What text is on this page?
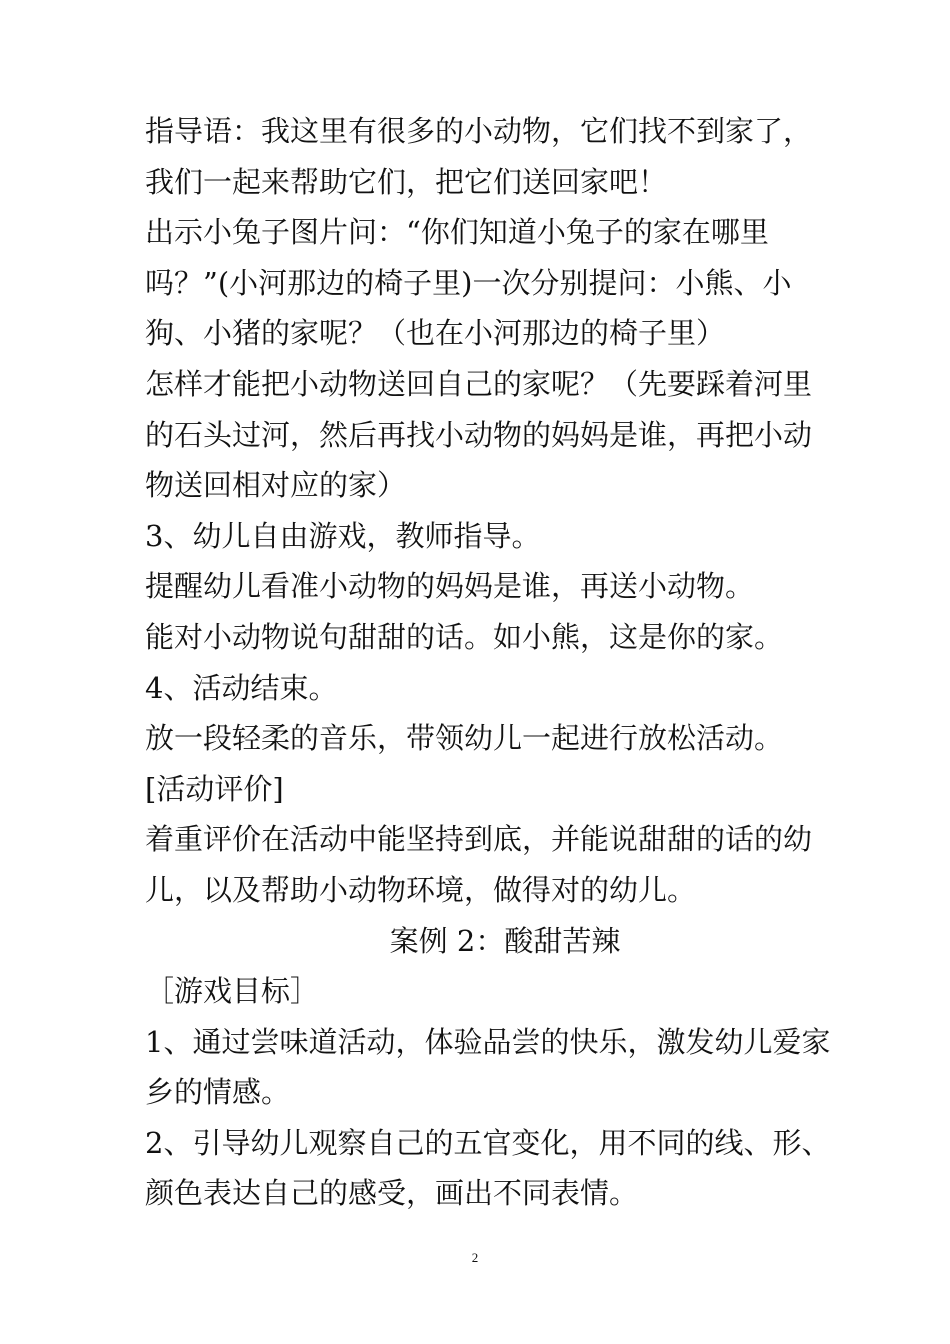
指导语：我这里有很多的小动物，它们找不到家了，
我们一起来帮助它们，把它们送回家吧！
出示小兔子图片问：“你们知道小兔子的家在哪里
吗？”(小河那边的椅子里)一次分别提问：小熊、小
狗、小猪的家呢？（也在小河那边的椅子里）
怎样才能把小动物送回自己的家呢？（先要踩着河里
的石头过河，然后再找小动物的妈妈是谁，再把小动
物送回相对应的家）
3、幼儿自由游戏，教师指导。
提醒幼儿看准小动物的妈妈是谁，再送小动物。
能对小动物说句甜甜的话。如小熊，这是你的家。
4、活动结束。
放一段轻柔的音乐，带领幼儿一起进行放松活动。
[活动评价]
着重评价在活动中能坚持到底，并能说甜甜的话的幼
儿，以及帮助小动物环境，做得对的幼儿。
案例 2：酸甜苦辣
［游戏目标］
1、通过尝味道活动，体验品尝的快乐，激发幼儿爱家
乡的情感。
2、引导幼儿观察自己的五官变化，用不同的线、形、
颜色表达自己的感受，画出不同表情。
2
